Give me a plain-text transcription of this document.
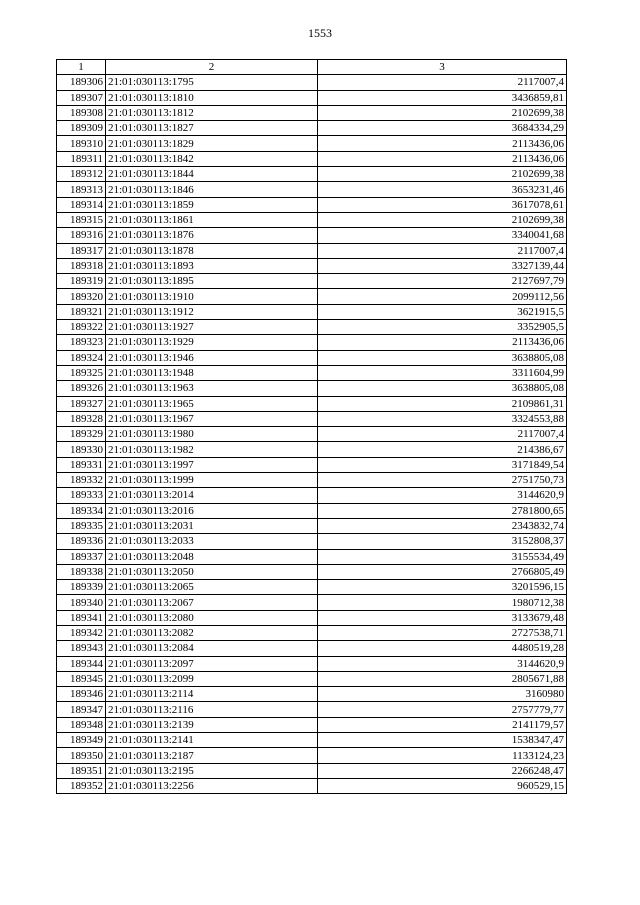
1553
1	2	3
189306	21:01:030113:1795	2117007,4
189307	21:01:030113:1810	3436859,81
189308	21:01:030113:1812	2102699,38
189309	21:01:030113:1827	3684334,29
189310	21:01:030113:1829	2113436,06
189311	21:01:030113:1842	2113436,06
189312	21:01:030113:1844	2102699,38
189313	21:01:030113:1846	3653231,46
189314	21:01:030113:1859	3617078,61
189315	21:01:030113:1861	2102699,38
189316	21:01:030113:1876	3340041,68
189317	21:01:030113:1878	2117007,4
189318	21:01:030113:1893	3327139,44
189319	21:01:030113:1895	2127697,79
189320	21:01:030113:1910	2099112,56
189321	21:01:030113:1912	3621915,5
189322	21:01:030113:1927	3352905,5
189323	21:01:030113:1929	2113436,06
189324	21:01:030113:1946	3638805,08
189325	21:01:030113:1948	3311604,99
189326	21:01:030113:1963	3638805,08
189327	21:01:030113:1965	2109861,31
189328	21:01:030113:1967	3324553,88
189329	21:01:030113:1980	2117007,4
189330	21:01:030113:1982	214386,67
189331	21:01:030113:1997	3171849,54
189332	21:01:030113:1999	2751750,73
189333	21:01:030113:2014	3144620,9
189334	21:01:030113:2016	2781800,65
189335	21:01:030113:2031	2343832,74
189336	21:01:030113:2033	3152808,37
189337	21:01:030113:2048	3155534,49
189338	21:01:030113:2050	2766805,49
189339	21:01:030113:2065	3201596,15
189340	21:01:030113:2067	1980712,38
189341	21:01:030113:2080	3133679,48
189342	21:01:030113:2082	2727538,71
189343	21:01:030113:2084	4480519,28
189344	21:01:030113:2097	3144620,9
189345	21:01:030113:2099	2805671,88
189346	21:01:030113:2114	3160980
189347	21:01:030113:2116	2757779,77
189348	21:01:030113:2139	2141179,57
189349	21:01:030113:2141	1538347,47
189350	21:01:030113:2187	1133124,23
189351	21:01:030113:2195	2266248,47
189352	21:01:030113:2256	960529,15
